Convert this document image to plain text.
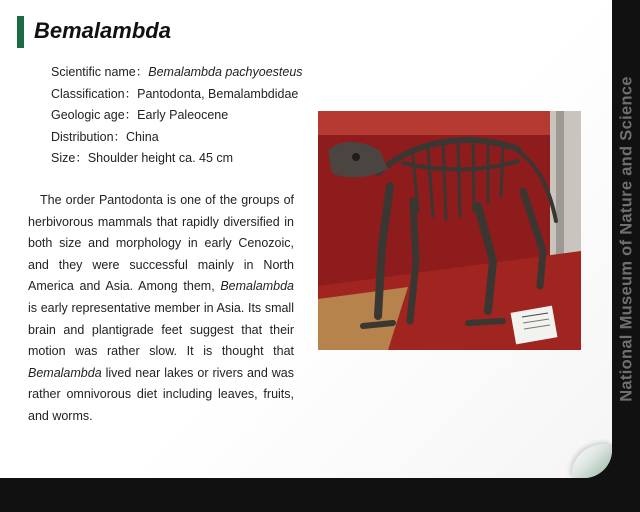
Bemalambda
Scientific name：Bemalambda pachyoesteus
Classification：Pantodonta, Bemalambdidae
Geologic age：Early Paleocene
Distribution：China
Size：Shoulder height ca. 45 cm

The order Pantodonta is one of the groups of herbivorous mammals that rapidly diversified in both size and morphology in early Cenozoic, and they were successful mainly in North America and Asia. Among them, Bemalambda is early representative member in Asia. Its small brain and plantigrade feet suggest that their motion was rather slow. It is thought that Bemalambda lived near lakes or rivers and was rather omnivorous diet including leaves, fruits, and worms.

National Museum of Nature and Science
